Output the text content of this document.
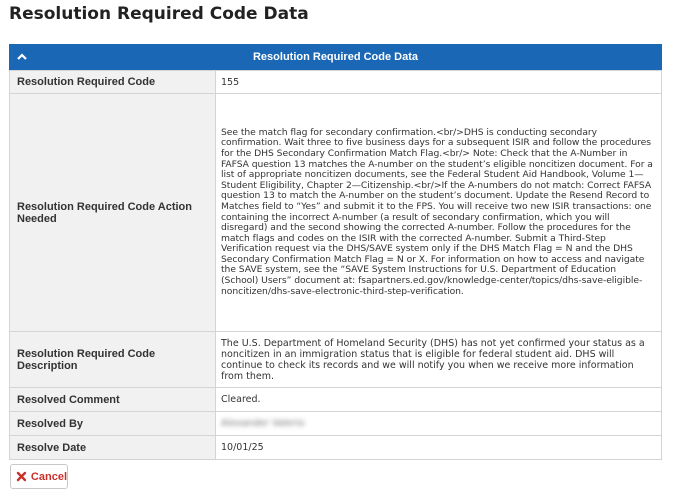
Resolution Required Code Data
Resolution Required Code Data
Resolution Required Code	155
Resolution Required Code Action Needed	See the match flag for secondary confirmation.<br/>DHS is conducting secondary confirmation. Wait three to five business days for a subsequent ISIR and follow the procedures for the DHS Secondary Confirmation Match Flag.<br/> Note: Check that the A-Number in FAFSA question 13 matches the A-number on the student’s eligible noncitizen document. For a list of appropriate noncitizen documents, see the Federal Student Aid Handbook, Volume 1—Student Eligibility, Chapter 2—Citizenship.<br/>If the A-numbers do not match: Correct FAFSA question 13 to match the A-number on the student’s document. Update the Resend Record to Matches field to “Yes” and submit it to the FPS. You will receive two new ISIR transactions: one containing the incorrect A-number (a result of secondary confirmation, which you will disregard) and the second showing the corrected A-number. Follow the procedures for the match flags and codes on the ISIR with the corrected A-number. Submit a Third-Step Verification request via the DHS/SAVE system only if the DHS Match Flag = N and the DHS Secondary Confirmation Match Flag = N or X. For information on how to access and navigate the SAVE system, see the “SAVE System Instructions for U.S. Department of Education (School) Users” document at: fsapartners.ed.gov/knowledge-center/topics/dhs-save-eligible-noncitizen/dhs-save-electronic-third-step-verification.
Resolution Required Code Description	The U.S. Department of Homeland Security (DHS) has not yet confirmed your status as a noncitizen in an immigration status that is eligible for federal student aid. DHS will continue to check its records and we will notify you when we receive more information from them.
Resolved Comment	Cleared.
Resolved By	Alexander Valerio
Resolve Date	10/01/25
Cancel
